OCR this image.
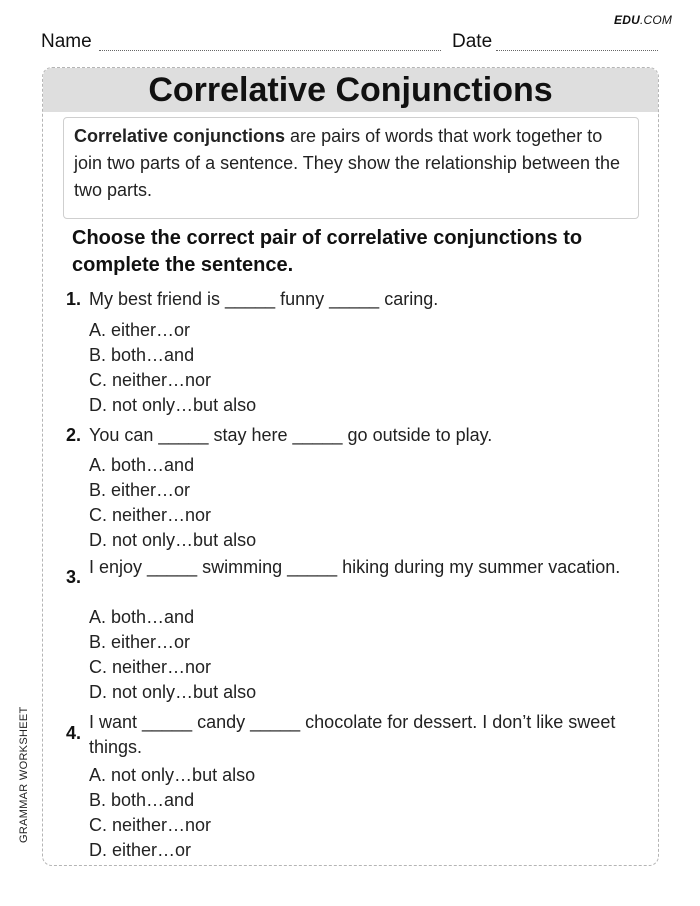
EDU.COM
Name	Date
Correlative Conjunctions
Correlative conjunctions are pairs of words that work together to join two parts of a sentence. They show the relationship between the two parts.
Choose the correct pair of correlative conjunctions to complete the sentence.
1. My best friend is _____ funny _____ caring.
A. either…or
B. both…and
C. neither…nor
D. not only…but also
2. You can _____ stay here _____ go outside to play.
A. both…and
B. either…or
C. neither…nor
D. not only…but also
3. I enjoy _____ swimming _____ hiking during my summer vacation.
A. both…and
B. either…or
C. neither…nor
D. not only…but also
4.
I want _____ candy _____ chocolate for dessert. I don’t like sweet things.
A. not only…but also
B. both…and
C. neither…nor
D. either…or
GRAMMAR WORKSHEET
